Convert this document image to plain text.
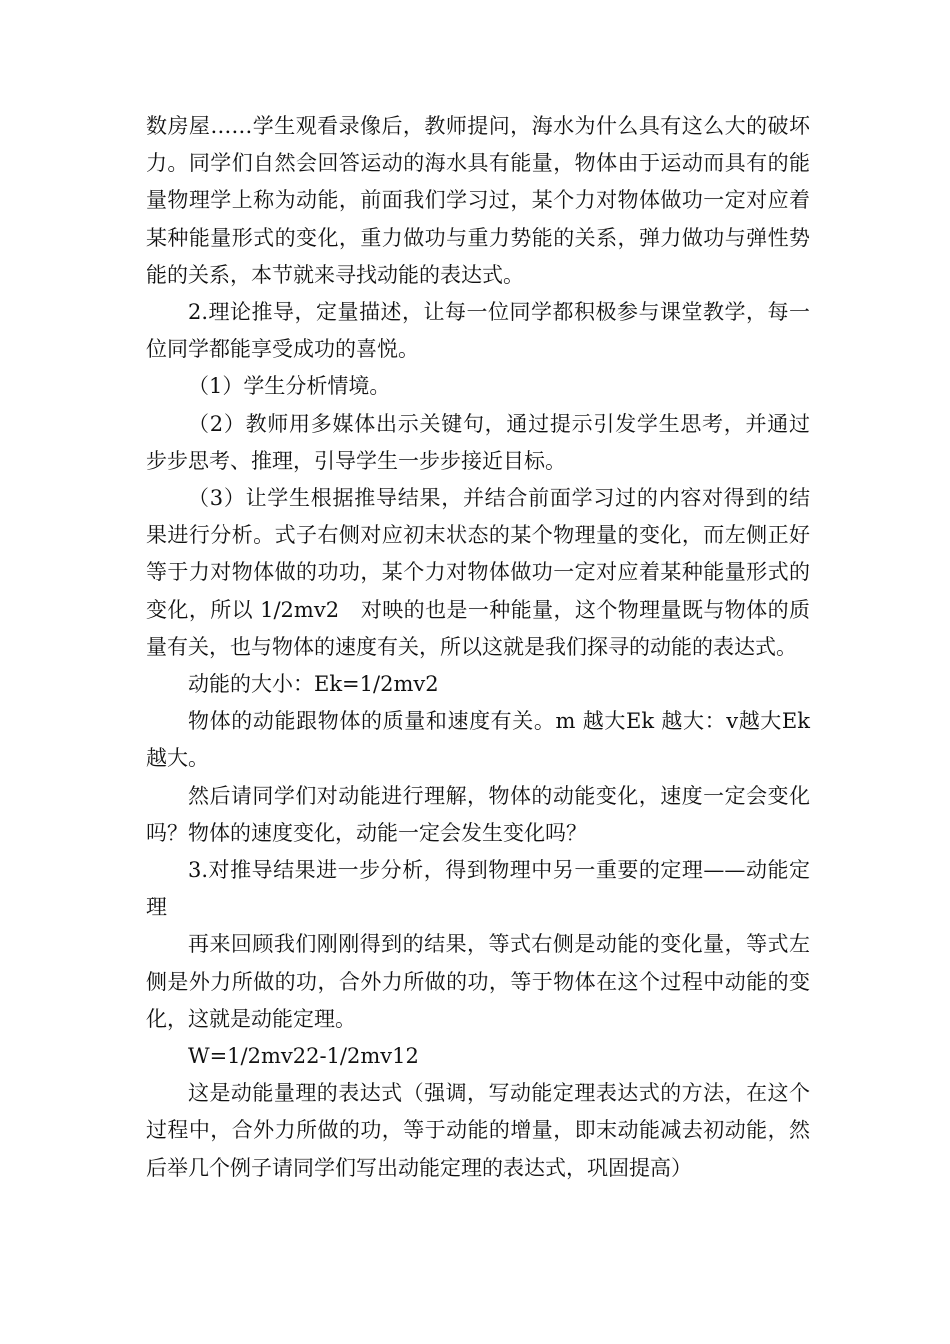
数房屋……学生观看录像后，教师提问，海水为什么具有这么大的破坏力。同学们自然会回答运动的海水具有能量，物体由于运动而具有的能量物理学上称为动能，前面我们学习过，某个力对物体做功一定对应着某种能量形式的变化，重力做功与重力势能的关系，弹力做功与弹性势能的关系，本节就来寻找动能的表达式。

2.理论推导，定量描述，让每一位同学都积极参与课堂教学，每一位同学都能享受成功的喜悦。

（1）学生分析情境。

（2）教师用多媒体出示关键句，通过提示引发学生思考，并通过步步思考、推理，引导学生一步步接近目标。

（3）让学生根据推导结果，并结合前面学习过的内容对得到的结果进行分析。式子右侧对应初末状态的某个物理量的变化，而左侧正好等于力对物体做的功功，某个力对物体做功一定对应着某种能量形式的变化，所以 1/2mv2　对映的也是一种能量，这个物理量既与物体的质量有关，也与物体的速度有关，所以这就是我们探寻的动能的表达式。

动能的大小：Ek=1/2mv2

物体的动能跟物体的质量和速度有关。m 越大Ek 越大：v越大Ek越大。

然后请同学们对动能进行理解，物体的动能变化，速度一定会变化吗？物体的速度变化，动能一定会发生变化吗？

3.对推导结果进一步分析，得到物理中另一重要的定理——动能定理

再来回顾我们刚刚得到的结果，等式右侧是动能的变化量，等式左侧是外力所做的功，合外力所做的功，等于物体在这个过程中动能的变化，这就是动能定理。

W=1/2mv22-1/2mv12

这是动能量理的表达式（强调，写动能定理表达式的方法，在这个过程中，合外力所做的功，等于动能的增量，即末动能减去初动能，然后举几个例子请同学们写出动能定理的表达式，巩固提高）
